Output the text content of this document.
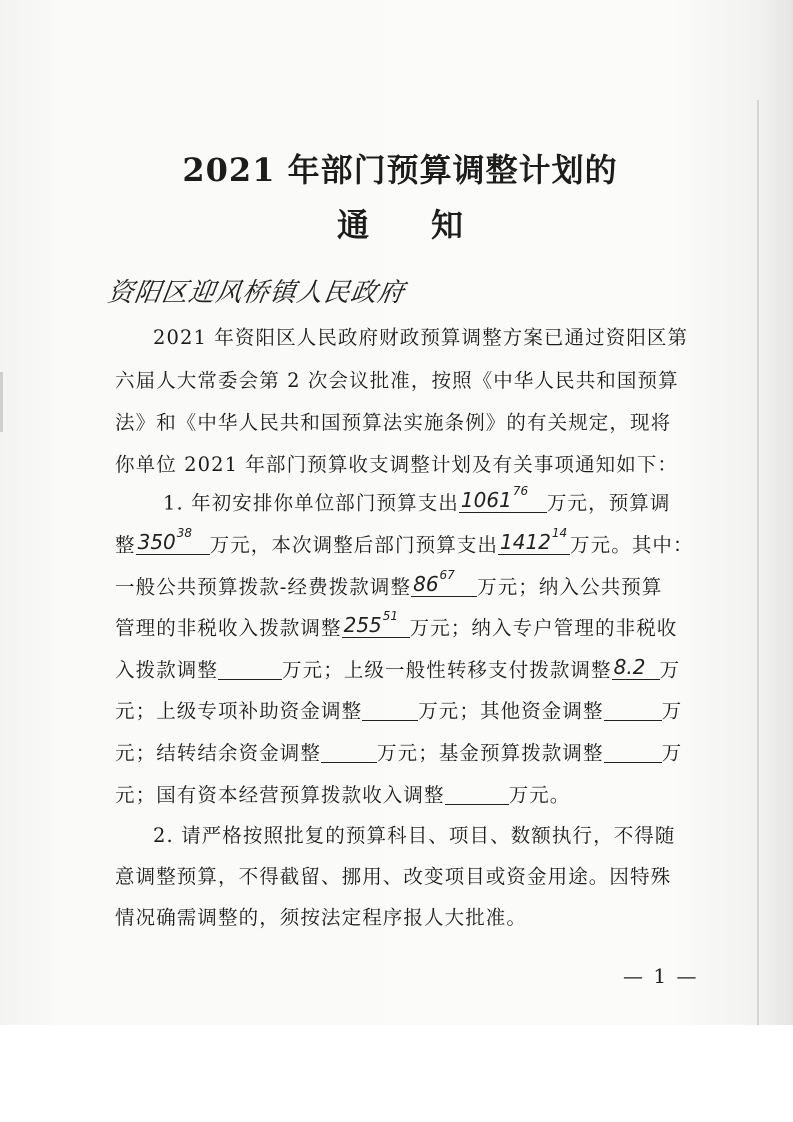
2021 年部门预算调整计划的
通 知
资阳区迎风桥镇人民政府
2021 年资阳区人民政府财政预算调整方案已通过资阳区第
六届人大常委会第 2 次会议批准，按照《中华人民共和国预算
法》和《中华人民共和国预算法实施条例》的有关规定，现将
你单位 2021 年部门预算收支调整计划及有关事项通知如下：
1. 年初安排你单位部门预算支出 1061$^{76}$
万元，预算调
整 $350^{38}$
万元，本次调整后部门预算支出 1412$^{14}$
万元。其中：
一般公共预算拨款-经费拨款调整 $86^{67}$
万元；纳入公共预算
管理的非税收入拨款调整 $255^{51}$
万元；纳入专户管理的非税收
入拨款调整	万元；上级一般性转移支付拨款调整 8.2 万
元；上级专项补助资金调整	万元；其他资金调整	万
元；结转结余资金调整	万元；基金预算拨款调整	万
元；国有资本经营预算拨款收入调整	万元。
2. 请严格按照批复的预算科目、项目、数额执行，不得随
意调整预算，不得截留、挪用、改变项目或资金用途。因特殊
情况确需调整的，须按法定程序报人大批准。
— 1 —
